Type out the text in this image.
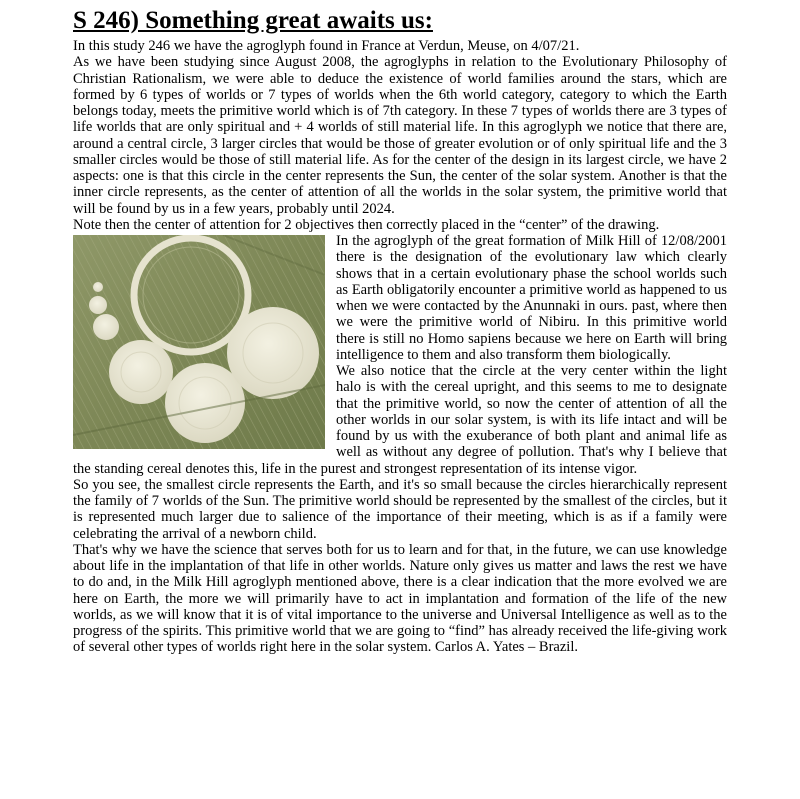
S 246) Something great awaits us:

In this study 246 we have the agroglyph found in France at Verdun, Meuse, on 4/07/21.

As we have been studying since August 2008, the agroglyphs in relation to the Evolutionary Philosophy of Christian Rationalism, we were able to deduce the existence of world families around the stars, which are formed by 6 types of worlds or 7 types of worlds when the 6th world category, category to which the Earth belongs today, meets the primitive world which is of 7th category. In these 7 types of worlds there are 3 types of life worlds that are only spiritual and + 4 worlds of still material life. In this agroglyph we notice that there are, around a central circle, 3 larger circles that would be those of greater evolution or of only spiritual life and the 3 smaller circles would be those of still material life. As for the center of the design in its largest circle, we have 2 aspects: one is that this circle in the center represents the Sun, the center of the solar system. Another is that the inner circle represents, as the center of attention of all the worlds in the solar system, the primitive world that will be found by us in a few years, probably until 2024.

Note then the center of attention for 2 objectives then correctly placed in the “center” of the drawing.

In the agroglyph of the great formation of Milk Hill of 12/08/2001 there is the designation of the evolutionary law which clearly shows that in a certain evolutionary phase the school worlds such as Earth obligatorily encounter a primitive world as happened to us when we were contacted by the Anunnaki in ours. past, where then we were the primitive world of Nibiru. In this primitive world there is still no Homo sapiens because we here on Earth will bring intelligence to them and also transform them biologically.

We also notice that the circle at the very center within the light halo is with the cereal upright, and this seems to me to designate that the primitive world, so now the center of attention of all the other worlds in our solar system, is with its life intact and will be found by us with the exuberance of both plant and animal life as well as without any degree of pollution. That's why I believe that the standing cereal denotes this, life in the purest and strongest representation of its intense vigor.

So you see, the smallest circle represents the Earth, and it's so small because the circles hierarchically represent the family of 7 worlds of the Sun. The primitive world should be represented by the smallest of the circles, but it is represented much larger due to salience of the importance of their meeting, which is as if a family were celebrating the arrival of a newborn child.

That's why we have the science that serves both for us to learn and for that, in the future, we can use knowledge about life in the implantation of that life in other worlds. Nature only gives us matter and laws the rest we have to do and, in the Milk Hill agroglyph mentioned above, there is a clear indication that the more evolved we are here on Earth, the more we will primarily have to act in implantation and formation of the life of the new worlds, as we will know that it is of vital importance to the universe and Universal Intelligence as well as to the progress of the spirits. This primitive world that we are going to “find” has already received the life-giving work of several other types of worlds right here in the solar system. Carlos A. Yates – Brazil.
